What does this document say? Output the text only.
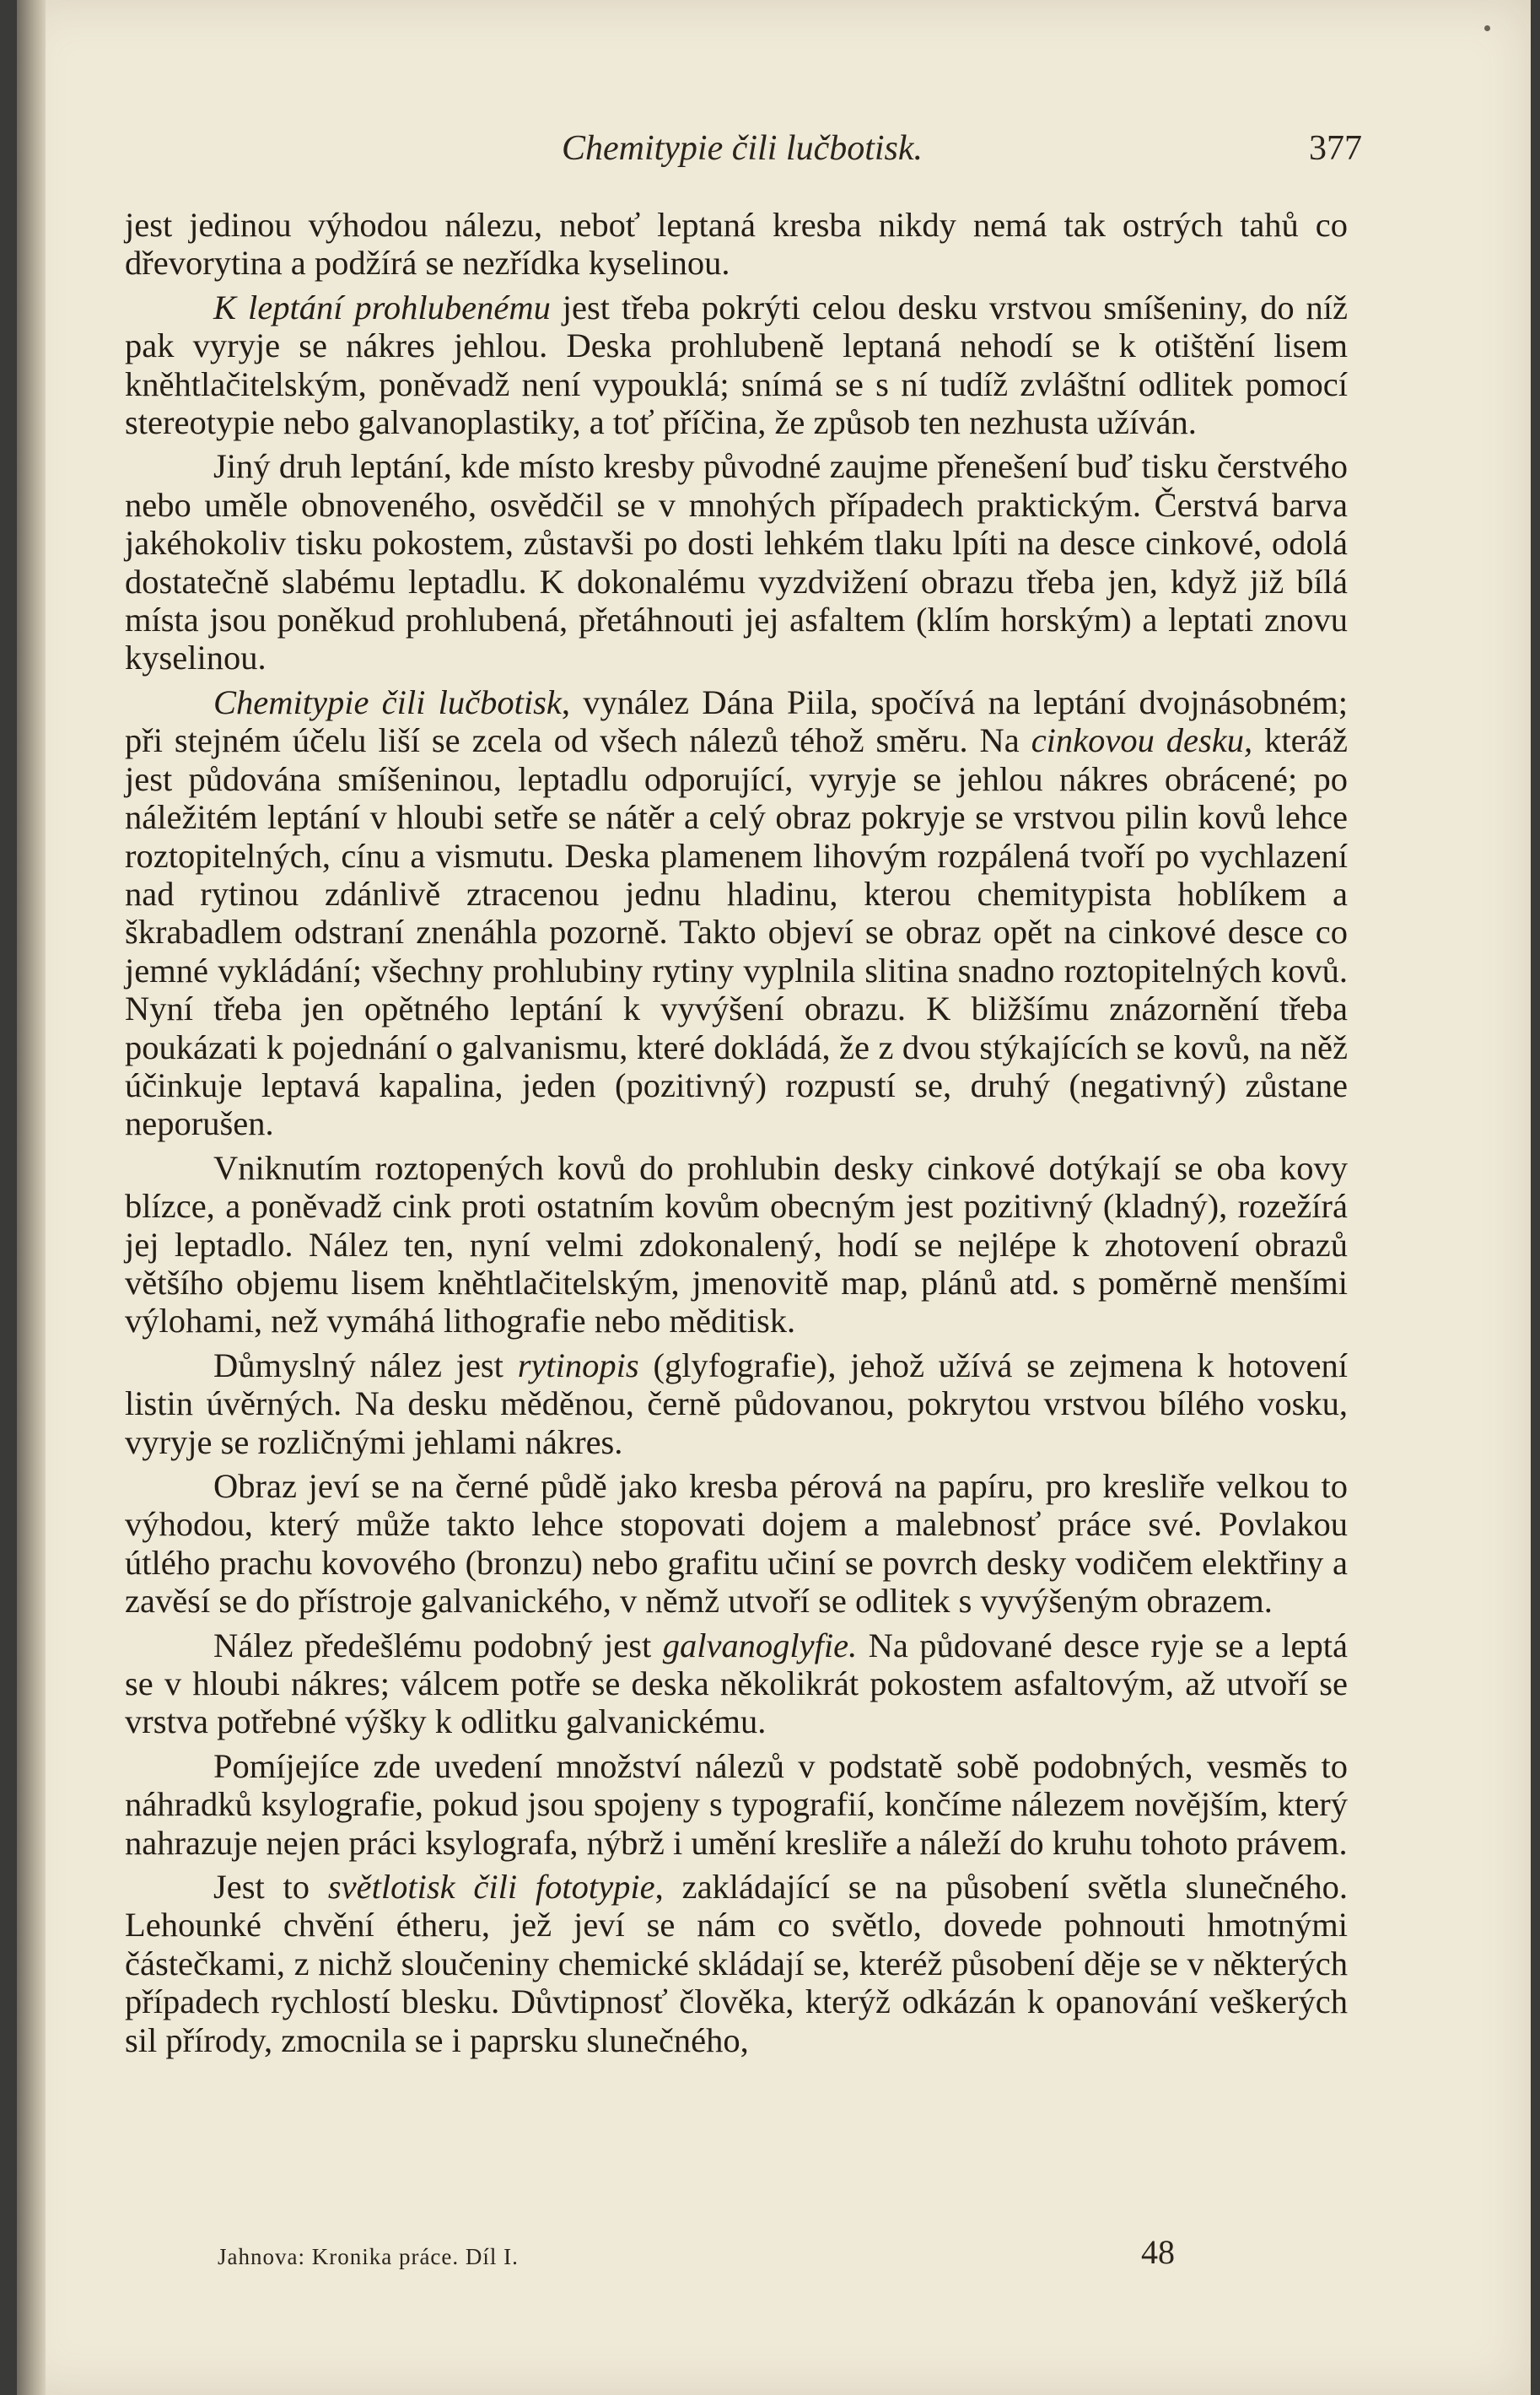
Chemitypie čili lučbotisk.	377

jest jedinou výhodou nálezu, neboť leptaná kresba nikdy nemá tak ostrých tahů co dřevorytina a podžírá se nezřídka kyselinou.

K leptání prohlubenému jest třeba pokrýti celou desku vrstvou smíšeniny, do níž pak vyryje se nákres jehlou. Deska prohlubeně leptaná nehodí se k otištění lisem kněhtlačitelským, poněvadž není vypouklá; snímá se s ní tudíž zvláštní odlitek pomocí stereotypie nebo galvanoplastiky, a toť příčina, že způsob ten nezhusta užíván.

Jiný druh leptání, kde místo kresby původné zaujme přenešení buď tisku čerstvého nebo uměle obnoveného, osvědčil se v mnohých případech praktickým. Čerstvá barva jakéhokoliv tisku pokostem, zůstavši po dosti lehkém tlaku lpíti na desce cinkové, odolá dostatečně slabému leptadlu. K dokonalému vyzdvižení obrazu třeba jen, když již bílá místa jsou poněkud prohlubená, přetáhnouti jej asfaltem (klím horským) a leptati znovu kyselinou.

Chemitypie čili lučbotisk, vynález Dána Piila, spočívá na leptání dvojnásobném; při stejném účelu liší se zcela od všech nálezů téhož směru. Na cinkovou desku, kteráž jest půdována smíšeninou, leptadlu odporující, vyryje se jehlou nákres obrácené; po náležitém leptání v hloubi setře se nátěr a celý obraz pokryje se vrstvou pilin kovů lehce roztopitelných, cínu a vismutu. Deska plamenem lihovým rozpálená tvoří po vychlazení nad rytinou zdánlivě ztracenou jednu hladinu, kterou chemitypista hoblíkem a škrabadlem odstraní znenáhla pozorně. Takto objeví se obraz opět na cinkové desce co jemné vykládání; všechny prohlubiny rytiny vyplnila slitina snadno roztopitelných kovů. Nyní třeba jen opětného leptání k vyvýšení obrazu. K bližšímu znázornění třeba poukázati k pojednání o galvanismu, které dokládá, že z dvou stýkajících se kovů, na něž účinkuje leptavá kapalina, jeden (pozitivný) rozpustí se, druhý (negativný) zůstane neporušen.

Vniknutím roztopených kovů do prohlubin desky cinkové dotýkají se oba kovy blízce, a poněvadž cink proti ostatním kovům obecným jest pozitivný (kladný), rozežírá jej leptadlo. Nález ten, nyní velmi zdokonalený, hodí se nejlépe k zhotovení obrazů většího objemu lisem kněhtlačitelským, jmenovitě map, plánů atd. s poměrně menšími výlohami, než vymáhá lithografie nebo měditisk.

Důmyslný nález jest rytinopis (glyfografie), jehož užívá se zejmena k hotovení listin úvěrných. Na desku měděnou, černě půdovanou, pokrytou vrstvou bílého vosku, vyryje se rozličnými jehlami nákres.

Obraz jeví se na černé půdě jako kresba pérová na papíru, pro kresliře velkou to výhodou, který může takto lehce stopovati dojem a malebnosť práce své. Povlakou útlého prachu kovového (bronzu) nebo grafitu učiní se povrch desky vodičem elektřiny a zavěsí se do přístroje galvanického, v němž utvoří se odlitek s vyvýšeným obrazem.

Nález předešlému podobný jest galvanoglyfie. Na půdované desce ryje se a leptá se v hloubi nákres; válcem potře se deska několikrát pokostem asfaltovým, až utvoří se vrstva potřebné výšky k odlitku galvanickému.

Pomíjejíce zde uvedení množství nálezů v podstatě sobě podobných, vesměs to náhradků ksylografie, pokud jsou spojeny s typografií, končíme nálezem novějším, který nahrazuje nejen práci ksylografa, nýbrž i umění kresliře a náleží do kruhu tohoto právem.

Jest to světlotisk čili fototypie, zakládající se na působení světla slunečného. Lehounké chvění étheru, jež jeví se nám co světlo, dovede pohnouti hmotnými částečkami, z nichž sloučeniny chemické skládají se, kteréž působení děje se v některých případech rychlostí blesku. Důvtipnosť člověka, kterýž odkázán k opanování veškerých sil přírody, zmocnila se i paprsku slunečného,

Jahnova: Kronika práce. Díl I.	48
